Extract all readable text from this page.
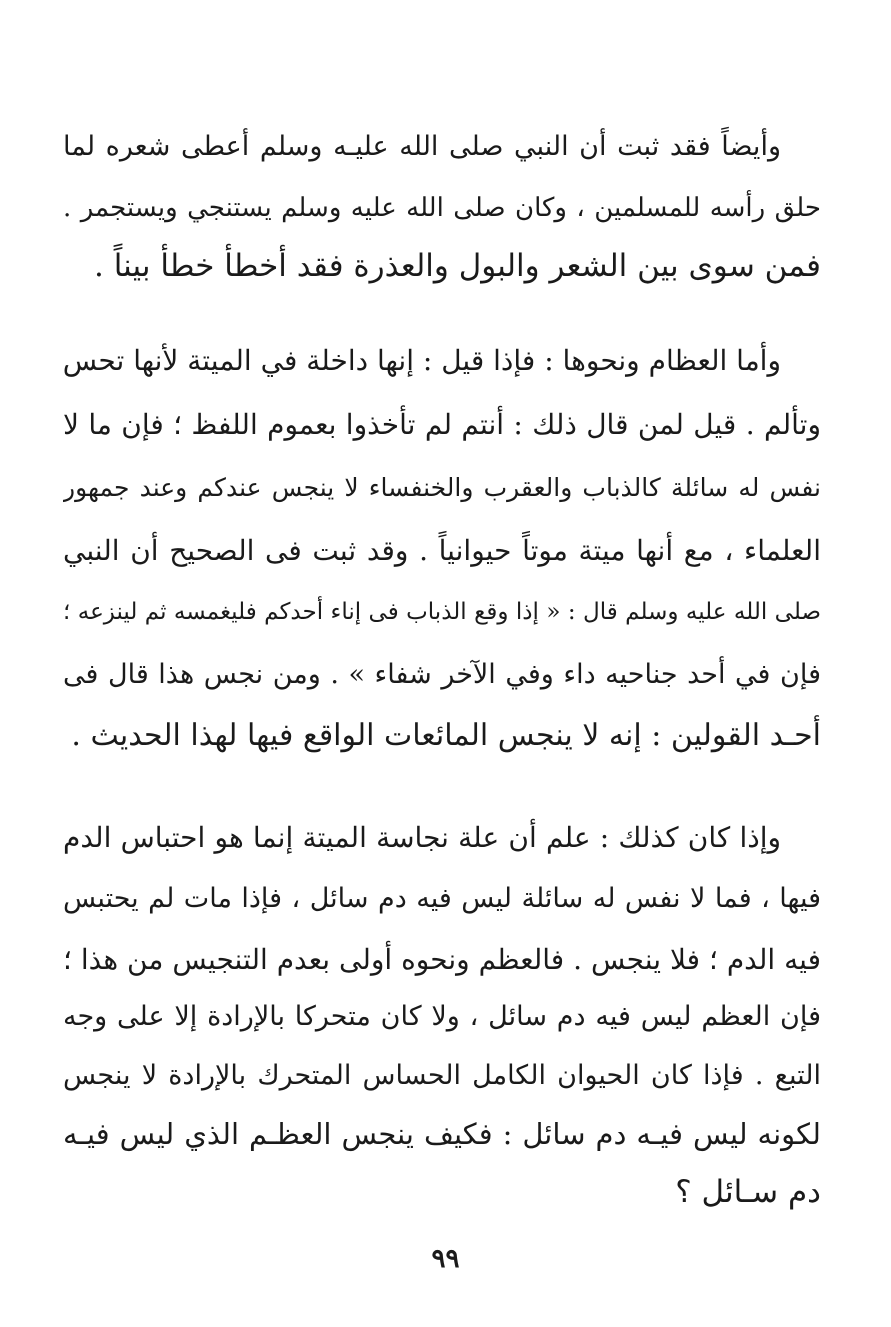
وأيضاً فقد ثبت أن النبي صلى الله عليـه وسلم أعطى شعره لما
حلق رأسه للمسلمين ، وكان صلى الله عليه وسلم يستنجي ويستجمر .
فمن سوى بين الشعر والبول والعذرة فقد أخطأ خطأ بيناً .
وأما العظام ونحوها : فإذا قيل : إنها داخلة في الميتة لأنها تحس
وتألم . قيل لمن قال ذلك : أنتم لم تأخذوا بعموم اللفظ ؛ فإن ما لا
نفس له سائلة كالذباب والعقرب والخنفساء لا ينجس عندكم وعند جمهور
العلماء ، مع أنها ميتة موتاً حيوانياً . وقد ثبت فى الصحيح أن النبي
صلى الله عليه وسلم قال : « إذا وقع الذباب فى إناء أحدكم فليغمسه ثم لينزعه ؛
فإن في أحد جناحيه داء وفي الآخر شفاء » . ومن نجس هذا قال فى
أحـد القولين : إنه لا ينجس المائعات الواقع فيها لهذا الحديث .
وإذا كان كذلك : علم أن علة نجاسة الميتة إنما هو احتباس الدم
فيها ، فما لا نفس له سائلة ليس فيه دم سائل ، فإذا مات لم يحتبس
فيه الدم ؛ فلا ينجس . فالعظم ونحوه أولى بعدم التنجيس من هذا ؛
فإن العظم ليس فيه دم سائل ، ولا كان متحركا بالإرادة إلا على وجه
التبع . فإذا كان الحيوان الكامل الحساس المتحرك بالإرادة لا ينجس
لكونه ليس فيـه دم سائل : فكيف ينجس العظـم الذي ليس فيـه
دم سـائل ؟
٩٩
